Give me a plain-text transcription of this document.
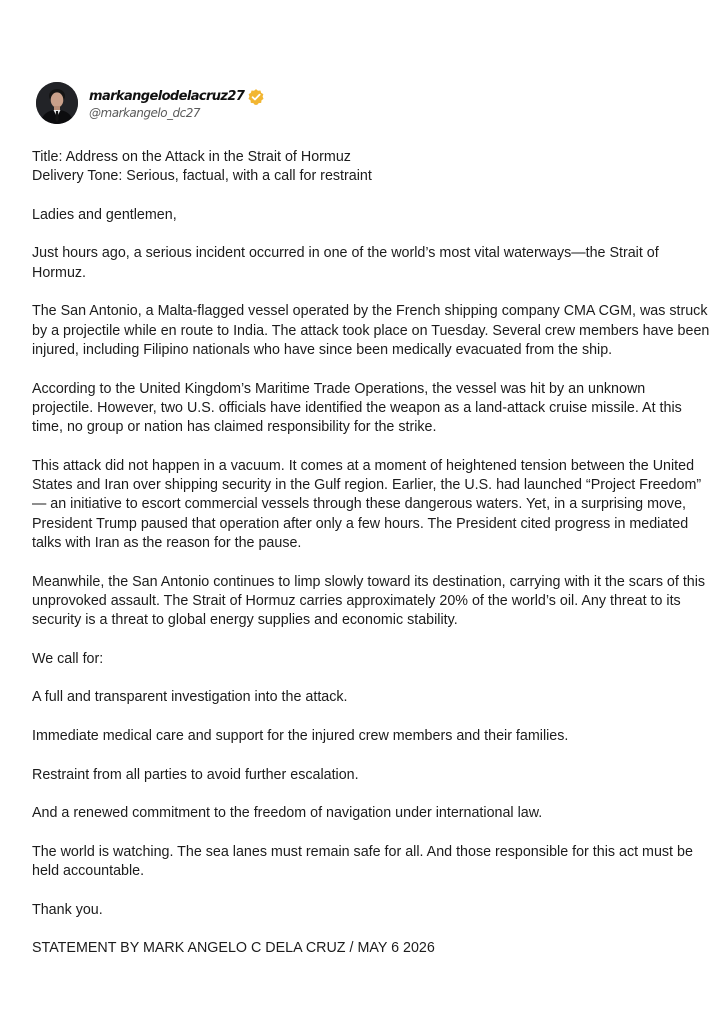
markangelodelacruz27
@markangelo_dc27

Title: Address on the Attack in the Strait of Hormuz
Delivery Tone: Serious, factual, with a call for restraint

Ladies and gentlemen,

Just hours ago, a serious incident occurred in one of the world’s most vital waterways—the Strait of Hormuz.

The San Antonio, a Malta-flagged vessel operated by the French shipping company CMA CGM, was struck by a projectile while en route to India. The attack took place on Tuesday. Several crew members have been injured, including Filipino nationals who have since been medically evacuated from the ship.

According to the United Kingdom’s Maritime Trade Operations, the vessel was hit by an unknown projectile. However, two U.S. officials have identified the weapon as a land-attack cruise missile. At this time, no group or nation has claimed responsibility for the strike.

This attack did not happen in a vacuum. It comes at a moment of heightened tension between the United States and Iran over shipping security in the Gulf region. Earlier, the U.S. had launched “Project Freedom” — an initiative to escort commercial vessels through these dangerous waters. Yet, in a surprising move, President Trump paused that operation after only a few hours. The President cited progress in mediated talks with Iran as the reason for the pause.

Meanwhile, the San Antonio continues to limp slowly toward its destination, carrying with it the scars of this unprovoked assault. The Strait of Hormuz carries approximately 20% of the world’s oil. Any threat to its security is a threat to global energy supplies and economic stability.

We call for:

A full and transparent investigation into the attack.

Immediate medical care and support for the injured crew members and their families.

Restraint from all parties to avoid further escalation.

And a renewed commitment to the freedom of navigation under international law.

The world is watching. The sea lanes must remain safe for all. And those responsible for this act must be held accountable.

Thank you.

STATEMENT BY MARK ANGELO C DELA CRUZ / MAY 6 2026
